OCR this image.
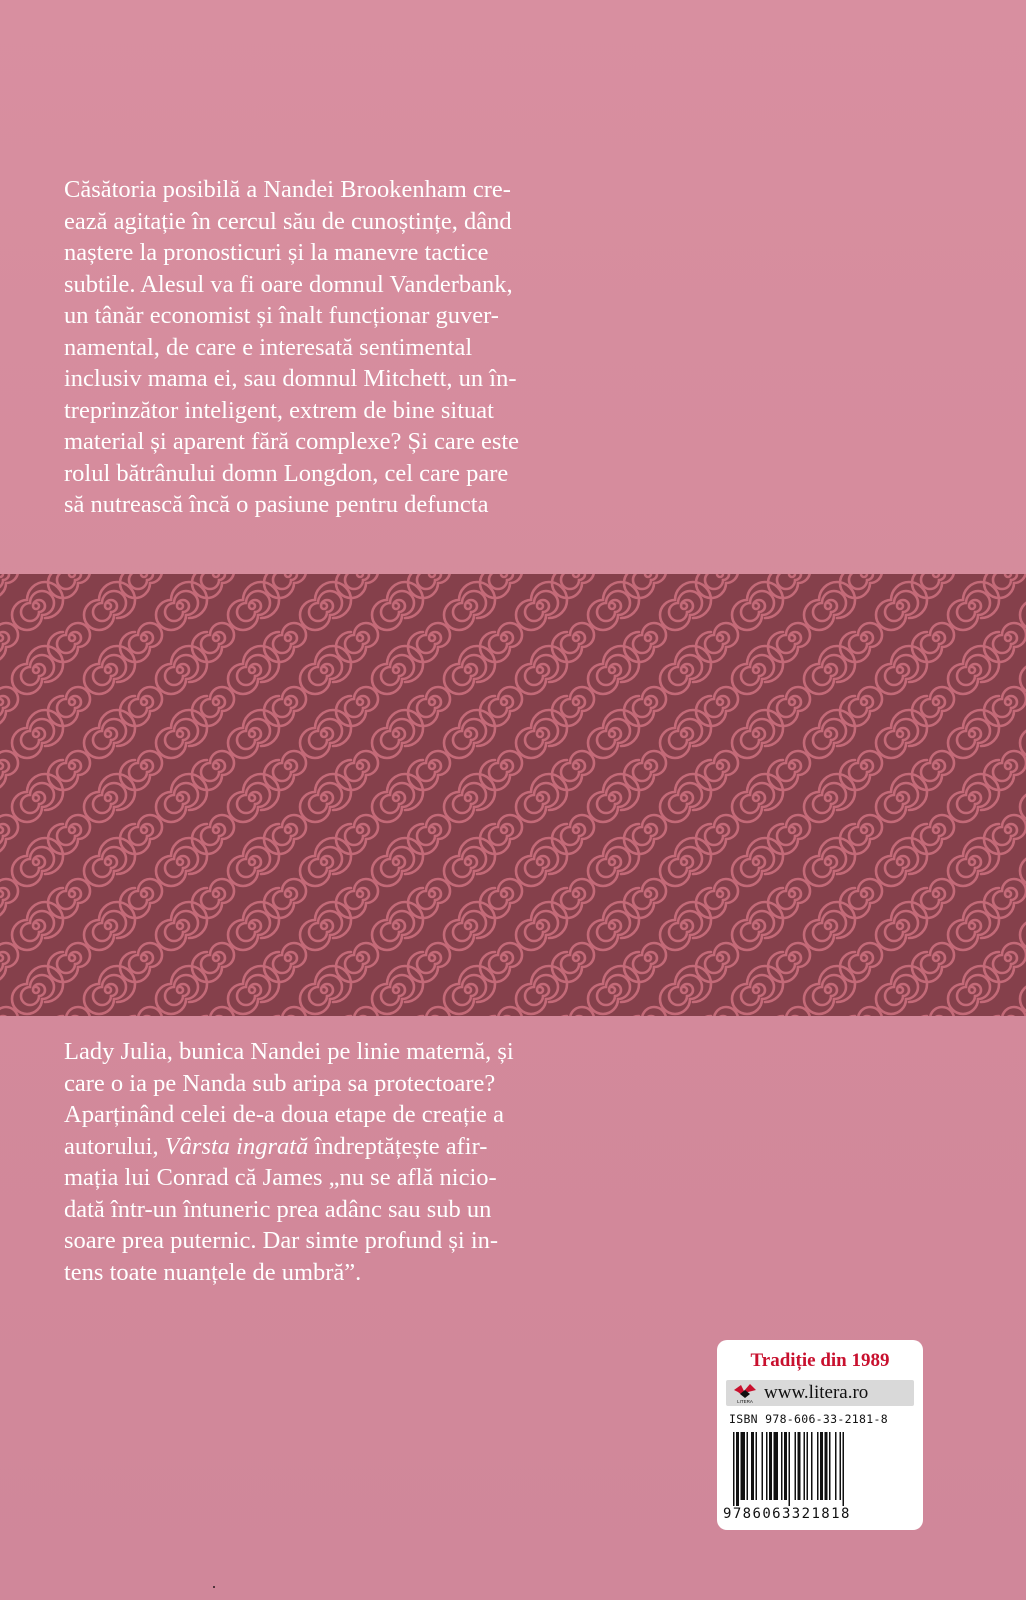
Căsătoria posibilă a Nandei Brookenham cre-
ează agitație în cercul său de cunoștințe, dând
naștere la pronosticuri și la manevre tactice
subtile. Alesul va fi oare domnul Vanderbank,
un tânăr economist și înalt funcționar guver-
namental, de care e interesată sentimental
inclusiv mama ei, sau domnul Mitchett, un în-
treprinzător inteligent, extrem de bine situat
material și aparent fără complexe? Și care este
rolul bătrânului domn Longdon, cel care pare
să nutrească încă o pasiune pentru defuncta
Lady Julia, bunica Nandei pe linie maternă, și
care o ia pe Nanda sub aripa sa protectoare?
Aparținând celei de-a doua etape de creație a
autorului, Vârsta ingrată îndreptățește afir-
mația lui Conrad că James „nu se află nicio-
dată într-un întuneric prea adânc sau sub un
soare prea puternic. Dar simte profund și in-
tens toate nuanțele de umbră”.
Tradiție din 1989
LITERA www.litera.ro
ISBN 978-606-33-2181-8
9786063321818
